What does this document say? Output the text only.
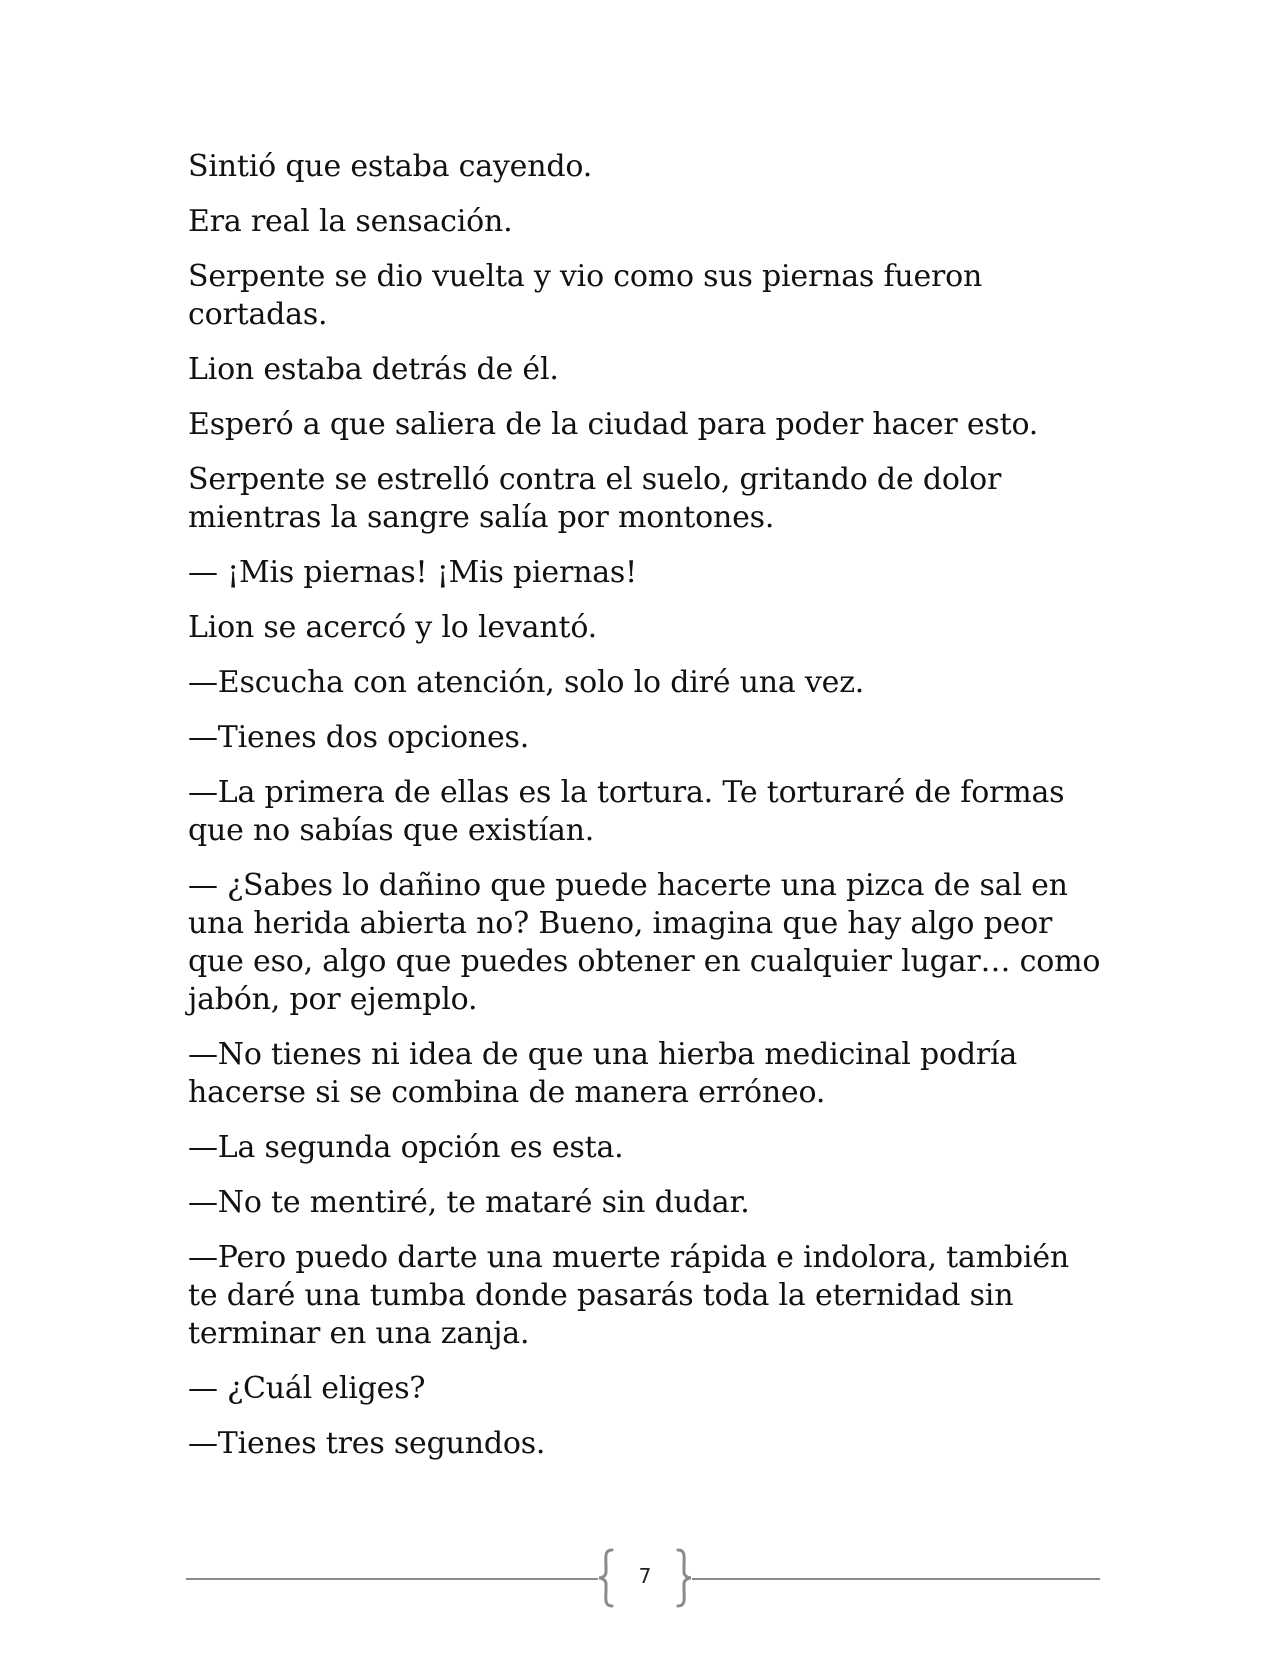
Sintió que estaba cayendo.

Era real la sensación.

Serpente se dio vuelta y vio como sus piernas fueron cortadas.

Lion estaba detrás de él.

Esperó a que saliera de la ciudad para poder hacer esto.

Serpente se estrelló contra el suelo, gritando de dolor mientras la sangre salía por montones.

— ¡Mis piernas! ¡Mis piernas!

Lion se acercó y lo levantó.

—Escucha con atención, solo lo diré una vez.

—Tienes dos opciones.

—La primera de ellas es la tortura. Te torturaré de formas que no sabías que existían.

— ¿Sabes lo dañino que puede hacerte una pizca de sal en una herida abierta no? Bueno, imagina que hay algo peor que eso, algo que puedes obtener en cualquier lugar… como jabón, por ejemplo.

—No tienes ni idea de que una hierba medicinal podría hacerse si se combina de manera erróneo.

—La segunda opción es esta.

—No te mentiré, te mataré sin dudar.

—Pero puedo darte una muerte rápida e indolora, también te daré una tumba donde pasarás toda la eternidad sin terminar en una zanja.

— ¿Cuál eliges?

—Tienes tres segundos.

7
